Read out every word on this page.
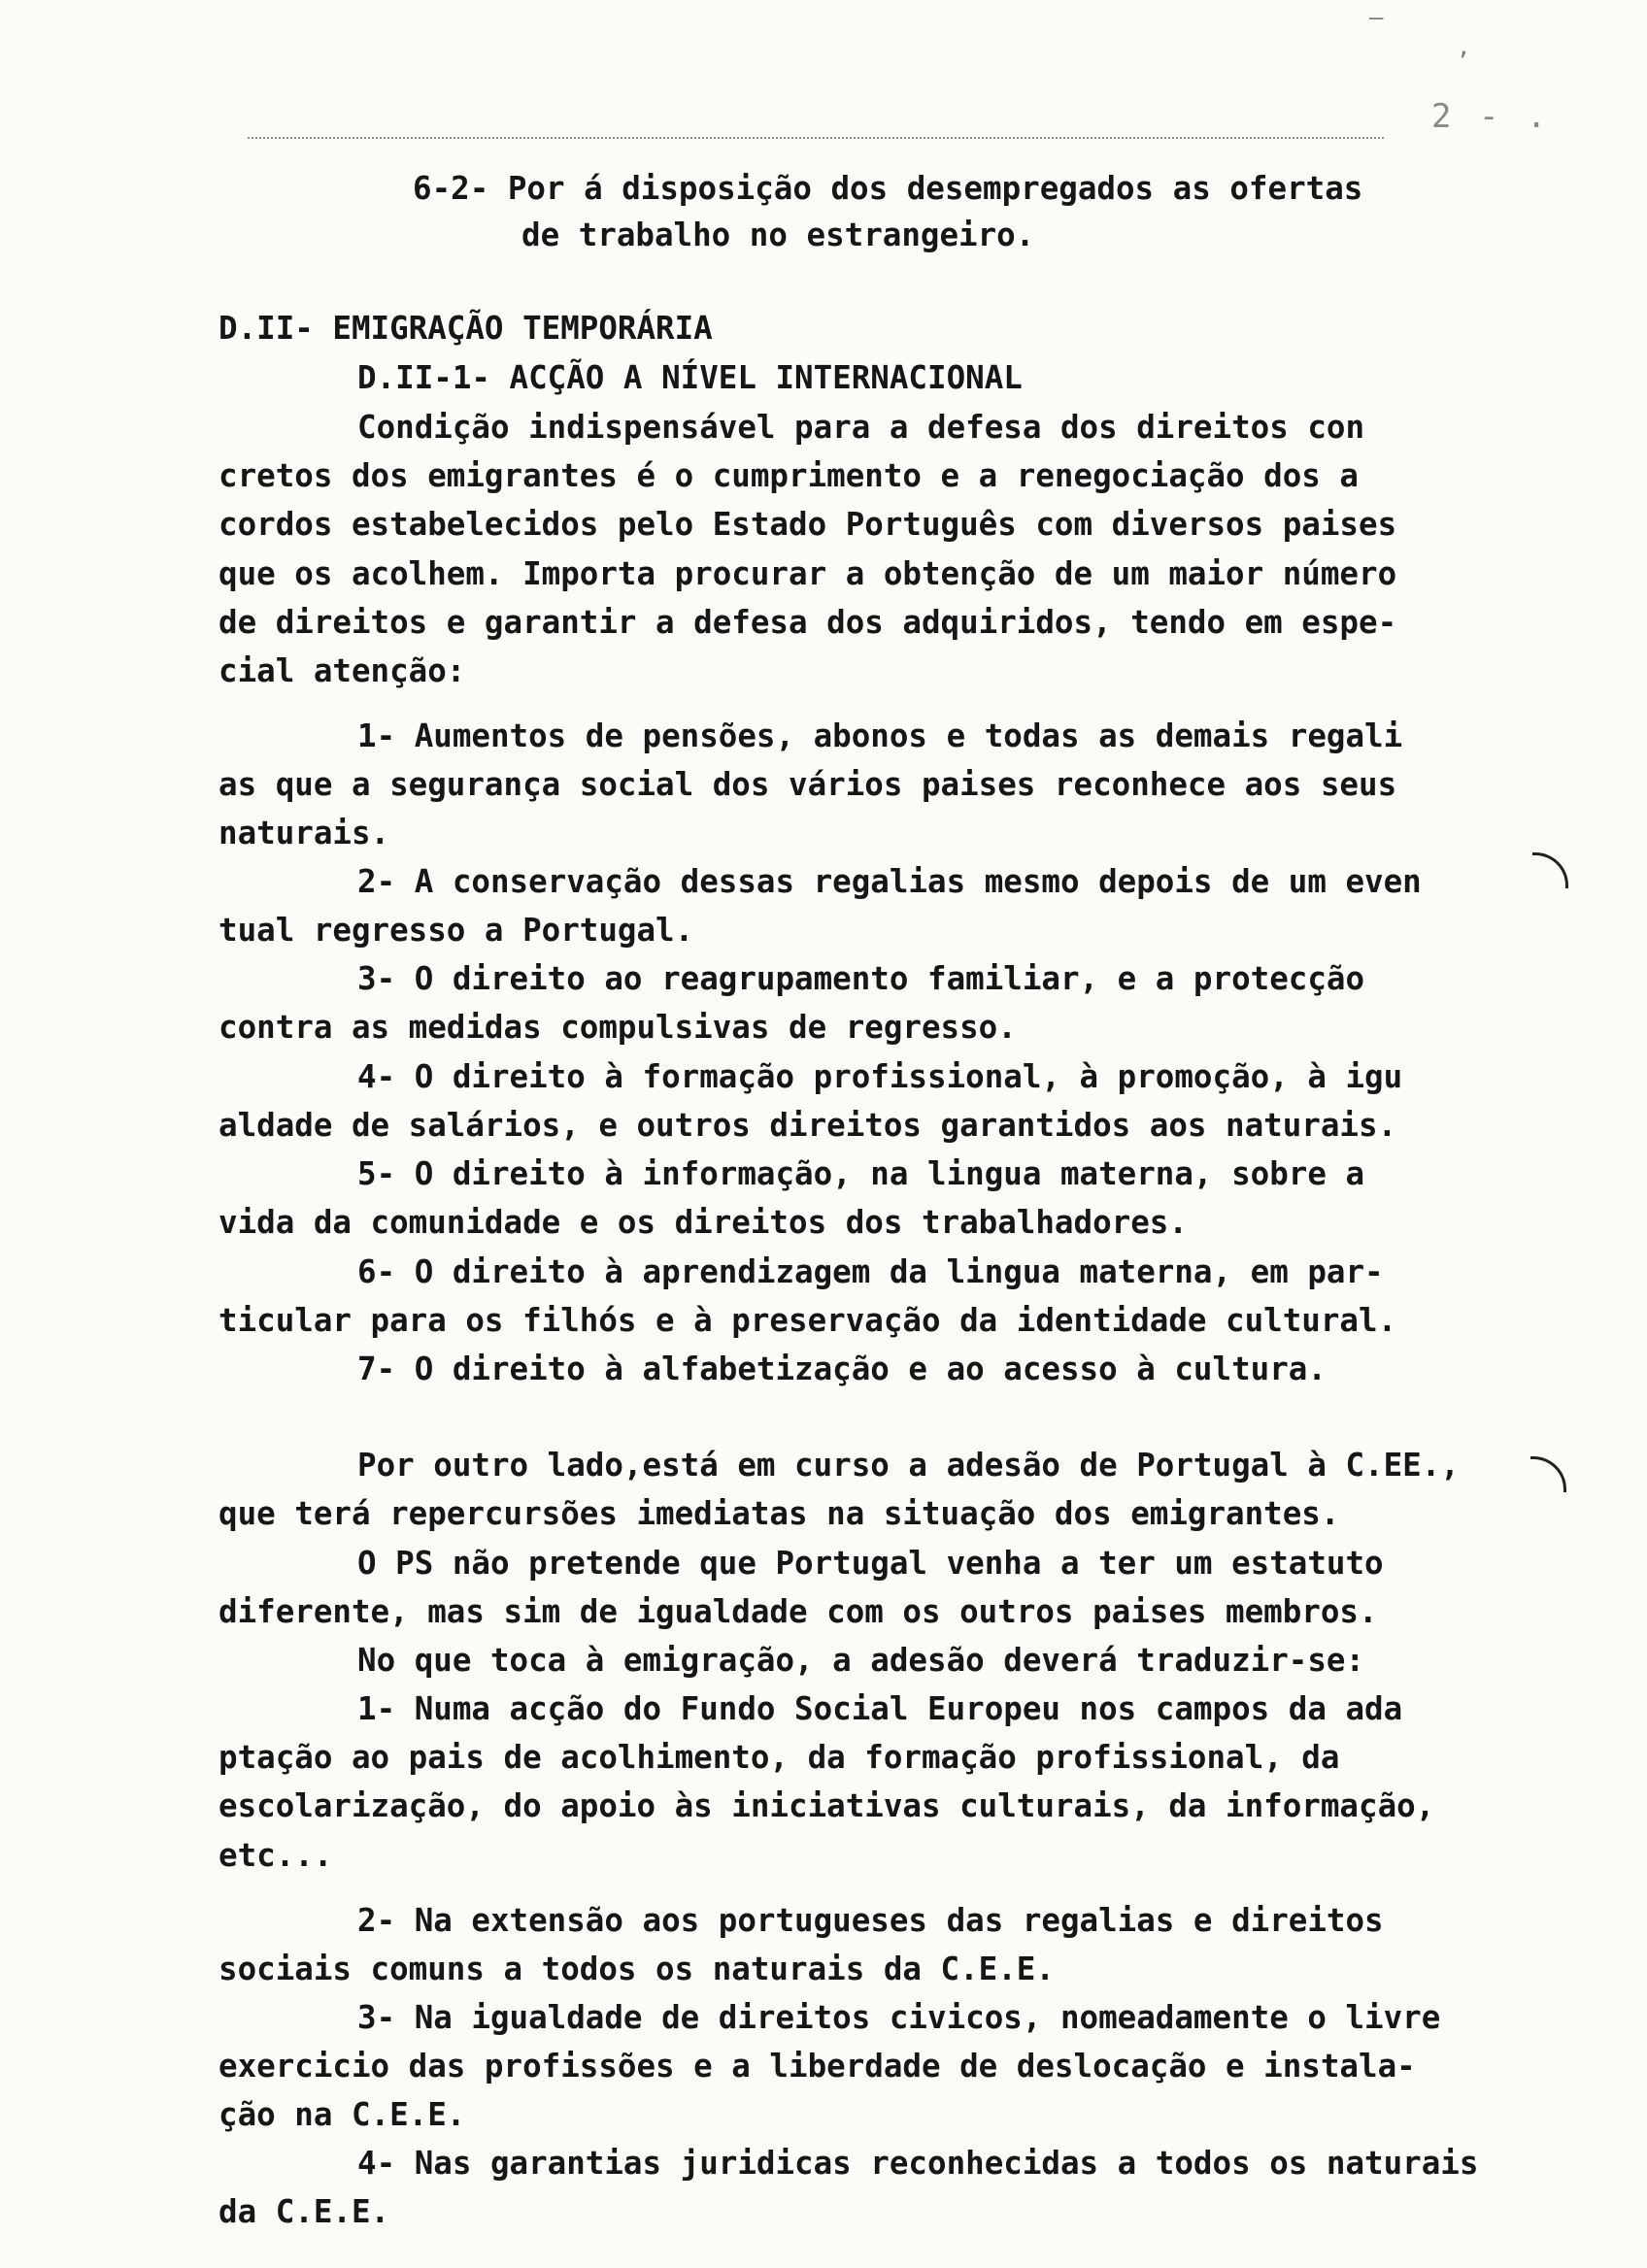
2 - .
—
,

6-2- Por á disposição dos desempregados as ofertas

de trabalho no estrangeiro.

D.II- EMIGRAÇÃO TEMPORÁRIA

D.II-1- ACÇÃO A NÍVEL INTERNACIONAL

Condição indispensável para a defesa dos direitos con

cretos dos emigrantes é o cumprimento e a renegociação dos a

cordos estabelecidos pelo Estado Português com diversos paises

que os acolhem. Importa procurar a obtenção de um maior número

de direitos e garantir a defesa dos adquiridos, tendo em espe-

cial atenção:

1- Aumentos de pensões, abonos e todas as demais regali

as que a segurança social dos vários paises reconhece aos seus

naturais.

2- A conservação dessas regalias mesmo depois de um even

tual regresso a Portugal.

3- O direito ao reagrupamento familiar, e a protecção

contra as medidas compulsivas de regresso.

4- O direito à formação profissional, à promoção, à igu

aldade de salários, e outros direitos garantidos aos naturais.

5- O direito à informação, na lingua materna, sobre a

vida da comunidade e os direitos dos trabalhadores.

6- O direito à aprendizagem da lingua materna, em par-

ticular para os filhós e à preservação da identidade cultural.

7- O direito à alfabetização e ao acesso à cultura.

Por outro lado,está em curso a adesão de Portugal à C.EE.,

que terá repercursões imediatas na situação dos emigrantes.

O PS não pretende que Portugal venha a ter um estatuto

diferente, mas sim de igualdade com os outros paises membros.

No que toca à emigração, a adesão deverá traduzir-se:

1- Numa acção do Fundo Social Europeu nos campos da ada

ptação ao pais de acolhimento, da formação profissional, da

escolarização, do apoio às iniciativas culturais, da informação,

etc...

2- Na extensão aos portugueses das regalias e direitos

sociais comuns a todos os naturais da C.E.E.

3- Na igualdade de direitos civicos, nomeadamente o livre

exercicio das profissões e a liberdade de deslocação e instala-

ção na C.E.E.

4- Nas garantias juridicas reconhecidas a todos os naturais

da C.E.E.
